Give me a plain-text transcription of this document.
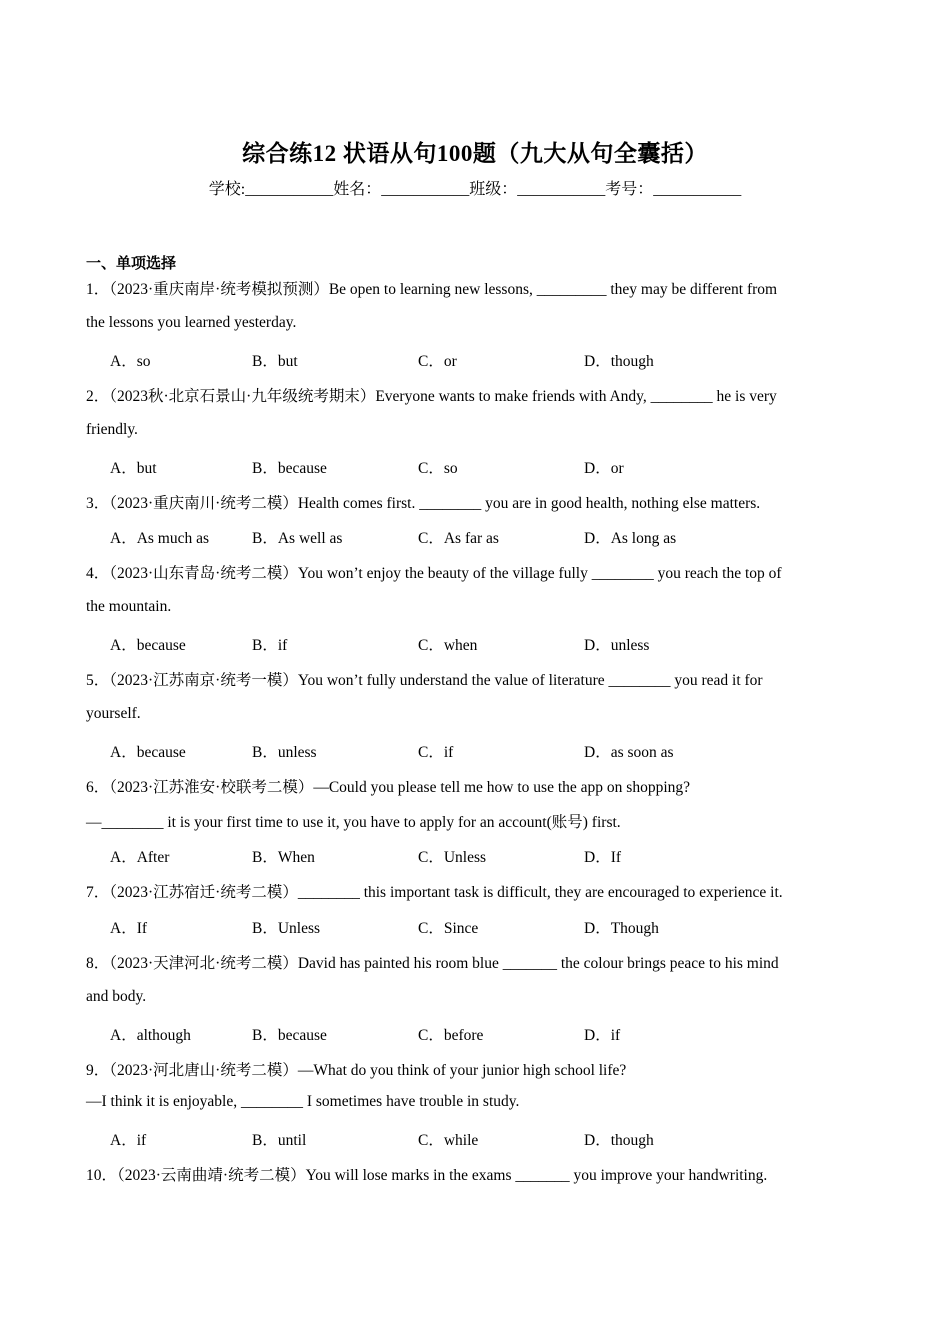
综合练12 状语从句100题（九大从句全囊括）
学校:___________姓名：___________班级：___________考号：___________
一、单项选择
1．（2023·重庆南岸·统考模拟预测）Be open to learning new lessons, _________ they may be different from
the lessons you learned yesterday.
A．so	B．but	C．or	D．though
2．（2023秋·北京石景山·九年级统考期末）Everyone wants to make friends with Andy, ________ he is very
friendly.
A．but	B．because	C．so	D．or
3．（2023·重庆南川·统考二模）Health comes first. ________ you are in good health, nothing else matters.
A．As much as	B．As well as	C．As far as	D．As long as
4．（2023·山东青岛·统考二模）You won’t enjoy the beauty of the village fully ________ you reach the top of
the mountain.
A．because	B．if	C．when	D．unless
5．（2023·江苏南京·统考一模）You won’t fully understand the value of literature ________ you read it for
yourself.
A．because	B．unless	C．if	D．as soon as
6．（2023·江苏淮安·校联考二模）—Could you please tell me how to use the app on shopping?
—________ it is your first time to use it, you have to apply for an account(账号) first.
A．After	B．When	C．Unless	D．If
7．（2023·江苏宿迁·统考二模）________ this important task is difficult, they are encouraged to experience it.
A．If	B．Unless	C．Since	D．Though
8．（2023·天津河北·统考二模）David has painted his room blue _______ the colour brings peace to his mind
and body.
A．although	B．because	C．before	D．if
9．（2023·河北唐山·统考二模）—What do you think of your junior high school life?
—I think it is enjoyable, ________ I sometimes have trouble in study.
A．if	B．until	C．while	D．though
10．（2023·云南曲靖·统考二模）You will lose marks in the exams _______ you improve your handwriting.
